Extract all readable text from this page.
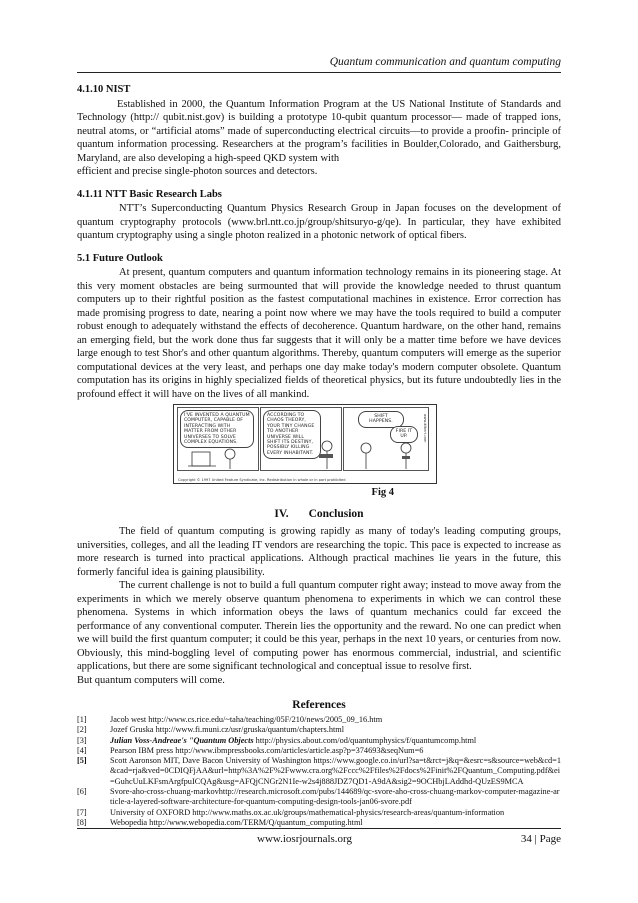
Quantum communication and quantum computing
4.1.10 NIST

Established in 2000, the Quantum Information Program at the US National Institute of Standards and Technology (http:// qubit.nist.gov) is building a prototype 10-qubit quantum processor— made of trapped ions, neutral atoms, or “artificial atoms” made of superconducting electrical circuits—to provide a proofin- principle of quantum information processing. Researchers at the program’s facilities in Boulder,Colorado, and Gaithersburg, Maryland, are also developing a high-speed QKD system with

efficient and precise single-photon sources and detectors.

4.1.11 NTT Basic Research Labs

NTT’s Superconducting Quantum Physics Research Group in Japan focuses on the development of quantum cryptography protocols (www.brl.ntt.co.jp/group/shitsuryo-g/qe). In particular, they have exhibited quantum cryptography using a single photon realized in a photonic network of optical fibers.

5.1 Future Outlook

At present, quantum computers and quantum information technology remains in its pioneering stage. At this very moment obstacles are being surmounted that will provide the knowledge needed to thrust quantum computers up to their rightful position as the fastest computational machines in existence. Error correction has made promising progress to date, nearing a point now where we may have the tools required to build a computer robust enough to adequately withstand the effects of decoherence. Quantum hardware, on the other hand, remains an emerging field, but the work done thus far suggests that it will only be a matter time before we have devices large enough to test Shor's and other quantum algorithms. Thereby, quantum computers will emerge as the superior computational devices at the very least, and perhaps one day make today's modern computer obsolete. Quantum computation has its origins in highly specialized fields of theoretical physics, but its future undoubtedly lies in the profound effect it will have on the lives of all mankind.

I'VE INVENTED A QUANTUM COMPUTER, CAPABLE OF INTERACTING WITH MATTER FROM OTHER UNIVERSES TO SOLVE COMPLEX EQUATIONS.
ACCORDING TO CHAOS THEORY, YOUR TINY CHANGE TO ANOTHER UNIVERSE WILL SHIFT ITS DESTINY, POSSIBLY KILLING EVERY INHABITANT.
SHIFT HAPPENS.
FIRE IT UP.	www.dilbert.com
Copyright © 1997 United Feature Syndicate, Inc. Redistribution in whole or in part prohibited
Fig 4
IV. Conclusion

The field of quantum computing is growing rapidly as many of today's leading computing groups, universities, colleges, and all the leading IT vendors are researching the topic. This pace is expected to increase as more research is turned into practical applications. Although practical machines lie years in the future, this formerly fanciful idea is gaining plausibility.

The current challenge is not to build a full quantum computer right away; instead to move away from the experiments in which we merely observe quantum phenomena to experiments in which we can control these phenomena. Systems in which information obeys the laws of quantum mechanics could far exceed the performance of any conventional computer. Therein lies the opportunity and the reward. No one can predict when we will build the first quantum computer; it could be this year, perhaps in the next 10 years, or centuries from now. Obviously, this mind-boggling level of computing power has enormous commercial, industrial, and scientific applications, but there are some significant technological and conceptual issue to resolve first.

But quantum computers will come.

References
[1]	Jacob west http://www.cs.rice.edu/~taha/teaching/05F/210/news/2005_09_16.htm
[2]	Jozef Gruska http://www.fi.muni.cz/usr/gruska/quantum/chapters.html
[3]	Julian Voss-Andreae's "Quantum Objects http://physics.about.com/od/quantumphysics/f/quantumcomp.html
[4]	Pearson IBM press http://www.ibmpressbooks.com/articles/article.asp?p=374693&seqNum=6
[5]	Scott Aaronson MIT, Dave Bacon University of Washington https://www.google.co.in/url?sa=t&rct=j&q=&esrc=s&source=web&cd=1&cad=rja&ved=0CDIQFjAA&url=http%3A%2F%2Fwww.cra.org%2Fccc%2Ffiles%2Fdocs%2Finit%2FQuantum_Computing.pdf&ei=GuhcUuLKFsmArgfpuICQAg&usg=AFQjCNGr2N1Ie-w2s4j888JDZ7QD1-A9dA&sig2=9OCHbjLAddhd-QUzES9MCA
[6]	Svore-aho-cross-chuang-markovhttp://research.microsoft.com/pubs/144689/qc-svore-aho-cross-chuang-markov-computer-magazine-article-a-layered-software-architecture-for-quantum-computing-design-tools-jan06-svore.pdf
[7]	University of OXFORD http://www.maths.ox.ac.uk/groups/mathematical-physics/research-areas/quantum-information
[8]	Webopedia http://www.webopedia.com/TERM/Q/quantum_computing.html
www.iosrjournals.org	34 | Page
